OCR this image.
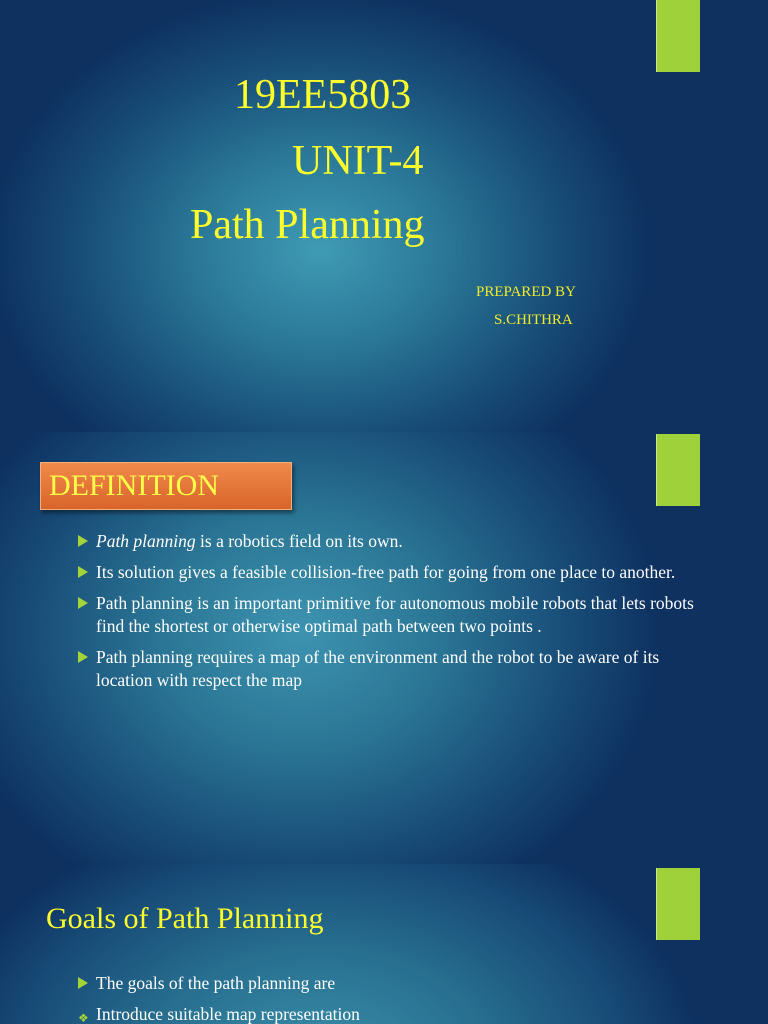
19EE5803
UNIT-4
Path Planning
PREPARED BY
S.CHITHRA
DEFINITION
Path planning is a robotics field on its own.
Its solution gives a feasible collision-free path for going from one place to another.
Path planning is an important primitive for autonomous mobile robots that lets robots find the shortest or otherwise optimal path between two points .
Path planning requires a map of the environment and the robot to be aware of its location with respect the map
Goals of Path Planning
The goals of the path planning are
❖ Introduce suitable map representation
